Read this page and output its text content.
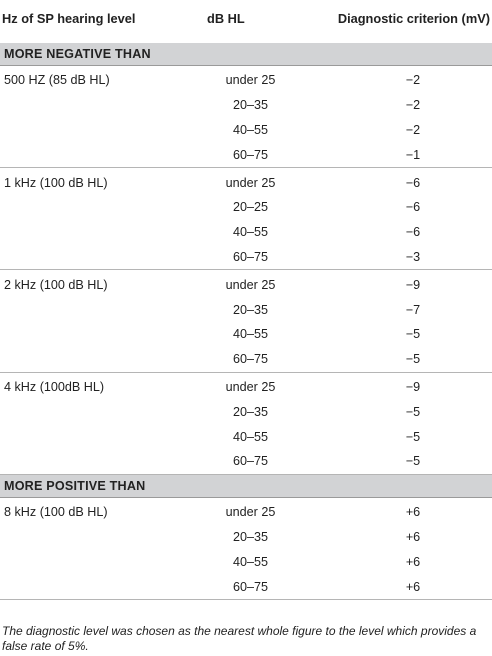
Hz of SP hearing level	dB HL	Diagnostic criterion (mV)
MORE NEGATIVE THAN		
500 HZ (85 dB HL)	under 25	−2
	20–35	−2
	40–55	−2
	60–75	−1
1 kHz (100 dB HL)	under 25	−6
	20–25	−6
	40–55	−6
	60–75	−3
2 kHz (100 dB HL)	under 25	−9
	20–35	−7
	40–55	−5
	60–75	−5
4 kHz (100dB HL)	under 25	−9
	20–35	−5
	40–55	−5
	60–75	−5
MORE POSITIVE THAN		
8 kHz (100 dB HL)	under 25	+6
	20–35	+6
	40–55	+6
	60–75	+6
The diagnostic level was chosen as the nearest whole figure to the level which provides a false rate of 5%.
